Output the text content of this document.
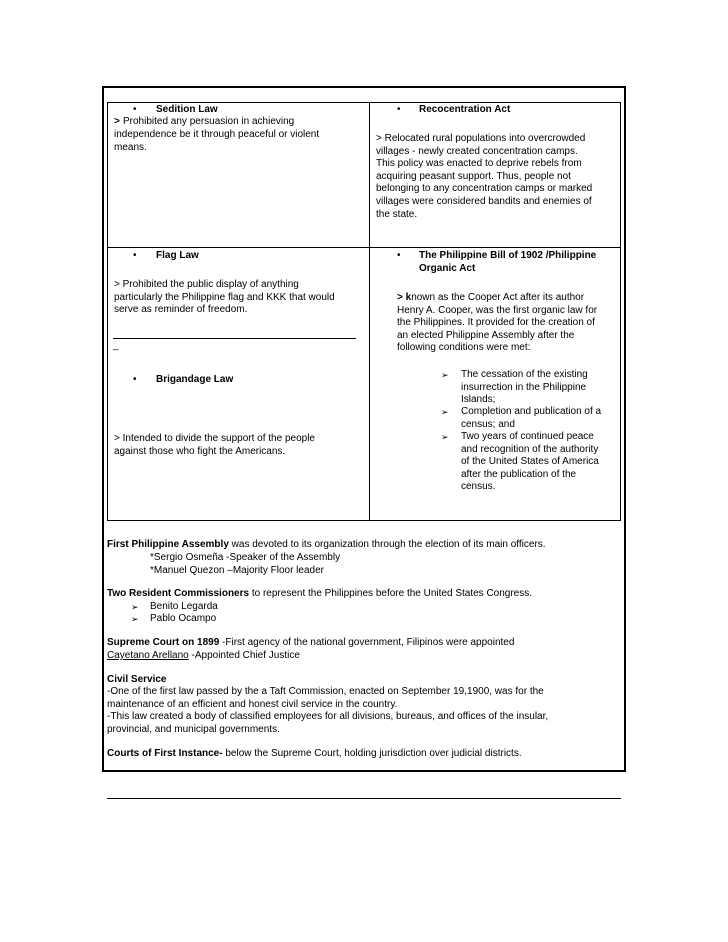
• Sedition Law
> Prohibited any persuasion in achieving
independence be it through peaceful or violent
means.
• Recocentration Act
> Relocated rural populations into overcrowded
villages - newly created concentration camps.
This policy was enacted to deprive rebels from
acquiring peasant support. Thus, people not
belonging to any concentration camps or marked
villages were considered bandits and enemies of
the state.
• Flag Law
> Prohibited the public display of anything
particularly the Philippine flag and KKK that would
serve as reminder of freedom.
_
• Brigandage Law
> Intended to divide the support of the people
against those who fight the Americans.
• The Philippine Bill of 1902 /Philippine
Organic Act
> known as the Cooper Act after its author
Henry A. Cooper, was the first organic law for
the Philippines. It provided for the creation of
an elected Philippine Assembly after the
following conditions were met:
➢ The cessation of the existing
insurrection in the Philippine
Islands;
➢ Completion and publication of a
census; and
➢ Two years of continued peace
and recognition of the authority
of the United States of America
after the publication of the
census.
First Philippine Assembly was devoted to its organization through the election of its main officers.
*Sergio Osmeña -Speaker of the Assembly
*Manuel Quezon –Majority Floor leader
Two Resident Commissioners to represent the Philippines before the United States Congress.
➢ Benito Legarda
➢ Pablo Ocampo
Supreme Court on 1899 -First agency of the national government, Filipinos were appointed
Cayetano Arellano -Appointed Chief Justice
Civil Service
-One of the first law passed by the a Taft Commission, enacted on September 19,1900, was for the
maintenance of an efficient and honest civil service in the country.
-This law created a body of classified employees for all divisions, bureaus, and offices of the insular,
provincial, and municipal governments.
Courts of First Instance- below the Supreme Court, holding jurisdiction over judicial districts.
